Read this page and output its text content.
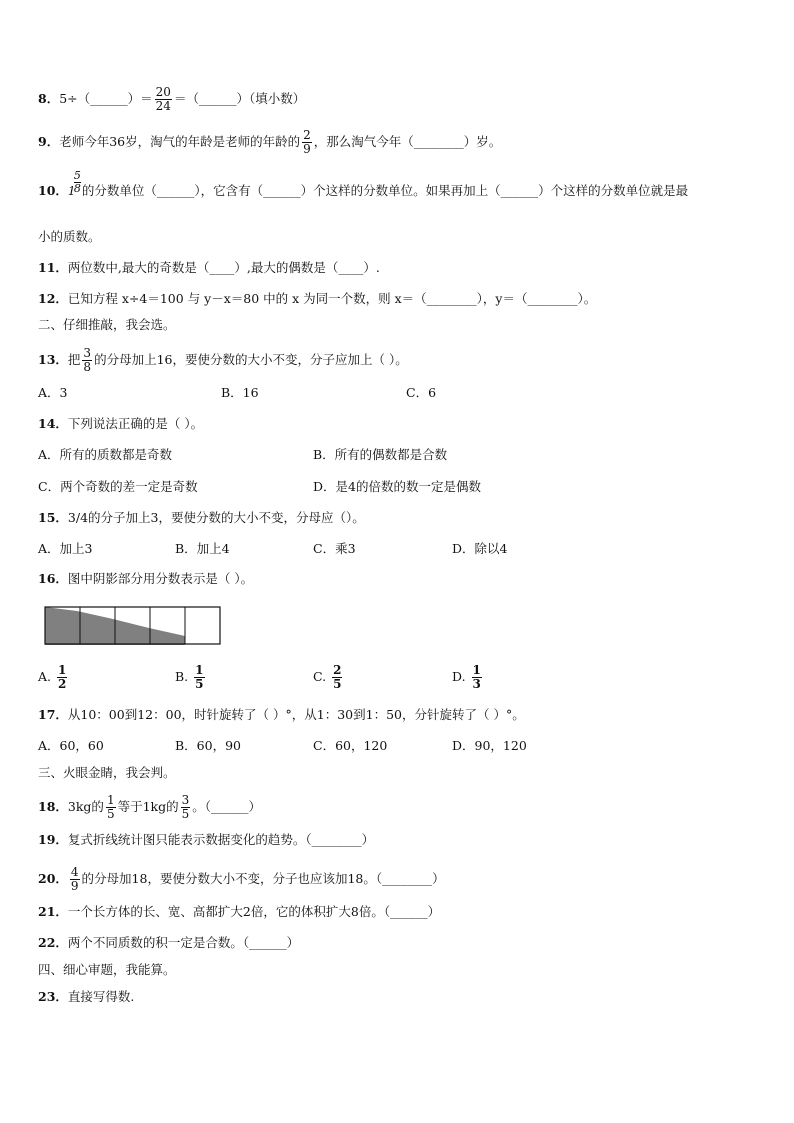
8．5÷（______）＝ $\frac{20}{24}$ ＝（______）（填小数）
9．老师今年36岁，淘气的年龄是老师的年龄的 $\frac{2}{9}$ ，那么淘气今年（________）岁。
10． 1
5
8 的分数单位（______），它含有（______）个这样的分数单位。如果再加上（______）个这样的分数单位就是最
小的质数。
11．两位数中,最大的奇数是（____）,最大的偶数是（____）.
12．已知方程 x÷4＝100 与 y－x＝80 中的 x 为同一个数，则 x＝（________），y＝（________）。
二、仔细推敲，我会选。
13．把 $\frac{3}{8}$ 的分母加上16，要使分数的大小不变，分子应加上（ ）。
A．3	B．16	C．6
14．下列说法正确的是（ ）。
A．所有的质数都是奇数	B．所有的偶数都是合数
C．两个奇数的差一定是奇数	D．是4的倍数的数一定是偶数
15．3/4的分子加上3，要使分数的大小不变，分母应（）。
A．加上3	B．加上4	C．乘3	D．除以4
16．图中阴影部分用分数表示是（ ）。
A. $\frac{1}{2}$	B. $\frac{1}{5}$	C. $\frac{2}{5}$	D. $\frac{1}{3}$
17．从10：00到12：00，时针旋转了（ ）°，从1：30到1：50，分针旋转了（ ）°。
A．60，60	B．60，90	C．60，120	D．90，120
三、火眼金睛，我会判。
18．3kg的 $\frac{1}{5}$ 等于1kg的 $\frac{3}{5}$ 。（______）
19．复式折线统计图只能表示数据变化的趋势。（________）
20． $\frac{4}{9}$ 的分母加18，要使分数大小不变，分子也应该加18。（________）
21．一个长方体的长、宽、高都扩大2倍，它的体积扩大8倍。（______）
22．两个不同质数的积一定是合数。（______）
四、细心审题，我能算。
23．直接写得数.
